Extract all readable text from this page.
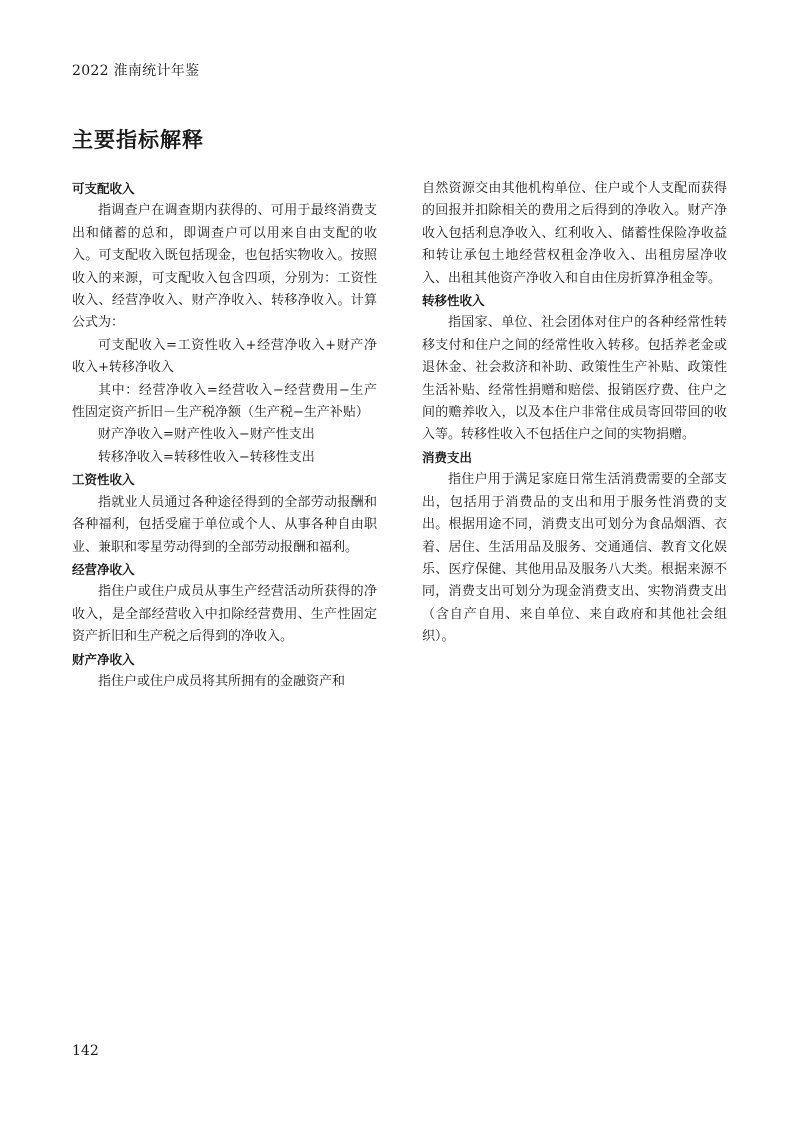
2022 淮南统计年鉴
主要指标解释

可支配收入

指调查户在调查期内获得的、可用于最终消费支出和储蓄的总和，即调查户可以用来自由支配的收入。可支配收入既包括现金，也包括实物收入。按照收入的来源，可支配收入包含四项，分别为：工资性收入、经营净收入、财产净收入、转移净收入。计算公式为：

可支配收入=工资性收入+经营净收入+财产净收入+转移净收入

其中：经营净收入=经营收入−经营费用−生产性固定资产折旧－生产税净额（生产税−生产补贴）

财产净收入=财产性收入−财产性支出

转移净收入=转移性收入−转移性支出

工资性收入

指就业人员通过各种途径得到的全部劳动报酬和各种福利，包括受雇于单位或个人、从事各种自由职业、兼职和零星劳动得到的全部劳动报酬和福利。

经营净收入

指住户或住户成员从事生产经营活动所获得的净收入，是全部经营收入中扣除经营费用、生产性固定资产折旧和生产税之后得到的净收入。

财产净收入

指住户或住户成员将其所拥有的金融资产和

自然资源交由其他机构单位、住户或个人支配而获得的回报并扣除相关的费用之后得到的净收入。财产净收入包括利息净收入、红利收入、储蓄性保险净收益和转让承包土地经营权租金净收入、出租房屋净收入、出租其他资产净收入和自由住房折算净租金等。

转移性收入

指国家、单位、社会团体对住户的各种经常性转移支付和住户之间的经常性收入转移。包括养老金或退休金、社会救济和补助、政策性生产补贴、政策性生活补贴、经常性捐赠和赔偿、报销医疗费、住户之间的赡养收入，以及本住户非常住成员寄回带回的收入等。转移性收入不包括住户之间的实物捐赠。

消费支出

指住户用于满足家庭日常生活消费需要的全部支出，包括用于消费品的支出和用于服务性消费的支出。根据用途不同，消费支出可划分为食品烟酒、衣着、居住、生活用品及服务、交通通信、教育文化娱乐、医疗保健、其他用品及服务八大类。根据来源不同，消费支出可划分为现金消费支出、实物消费支出（含自产自用、来自单位、来自政府和其他社会组织）。

142
